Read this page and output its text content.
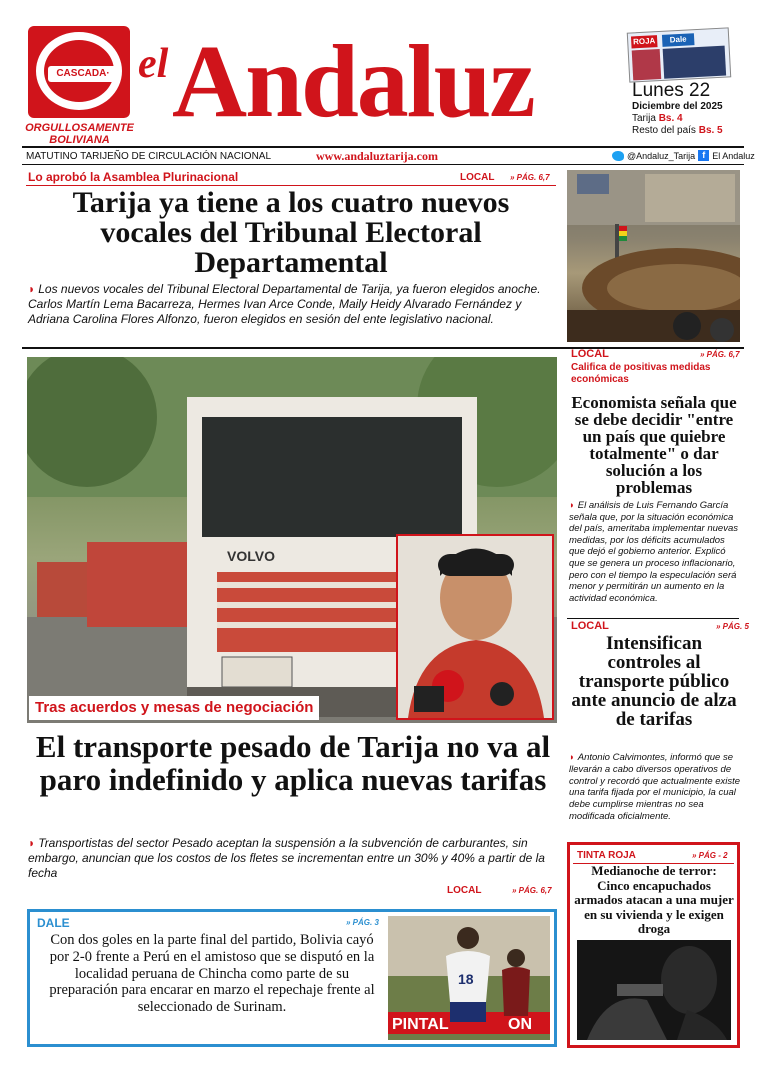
CASCADA·
ORGULLOSAMENTE BOLIVIANA
el Andaluz	ROJA	Dale
Lunes 22
Diciembre del 2025
Tarija Bs. 4
Resto del país Bs. 5
MATUTINO TARIJEÑO DE CIRCULACIÓN NACIONAL	www.andaluztarija.com	@Andaluz_Tarija f El Andaluz
Lo aprobó la Asamblea Plurinacional	LOCAL » PÁG. 6,7
Tarija ya tiene a los cuatro nuevos vocales del Tribunal Electoral Departamental
◗ Los nuevos vocales del Tribunal Electoral Departamental de Tarija, ya fueron elegidos anoche. Carlos Martín Lema Bacarreza, Hermes Ivan Arce Conde, Maily Heidy Alvarado Fernández y Adriana Carolina Flores Alfonzo, fueron elegidos en sesión del ente legislativo nacional.
VOLVO
Tras acuerdos y mesas de negociación
El transporte pesado de Tarija no va al paro indefinido y aplica nuevas tarifas
◗ Transportistas del sector Pesado aceptan la suspensión a la subvención de carburantes, sin embargo, anuncian que los costos de los fletes se incrementan entre un 30% y 40% a partir de la fecha
LOCAL	» PÁG. 6,7
LOCAL	» PÁG. 6,7
Califica de positivas medidas económicas
Economista señala que se debe decidir "entre un país que quiebre totalmente" o dar solución a los problemas
◗ El análisis de Luis Fernando García señala que, por la situación económica del país, ameritaba implementar nuevas medidas, por los déficits acumulados que dejó el gobierno anterior. Explicó que se genera un proceso inflacionario, pero con el tiempo la especulación será menor y permitirán un aumento en la actividad económica.
LOCAL	» PÁG. 5
Intensifican controles al transporte público ante anuncio de alza de tarifas
◗ Antonio Calvimontes, informó que se llevarán a cabo diversos operativos de control y recordó que actualmente existe una tarifa fijada por el municipio, la cual debe cumplirse mientras no sea modificada oficialmente.
TINTA ROJA	» PÁG - 2
Medianoche de terror: Cinco encapuchados armados atacan a una mujer en su vivienda y le exigen droga
DALE	» PÁG. 3
Con dos goles en la parte final del partido, Bolivia cayó por 2-0 frente a Perú en el amistoso que se disputó en la localidad peruana de Chincha como parte de su preparación para encarar en marzo el repechaje frente al seleccionado de Surinam.
PINTAL	ON
18
